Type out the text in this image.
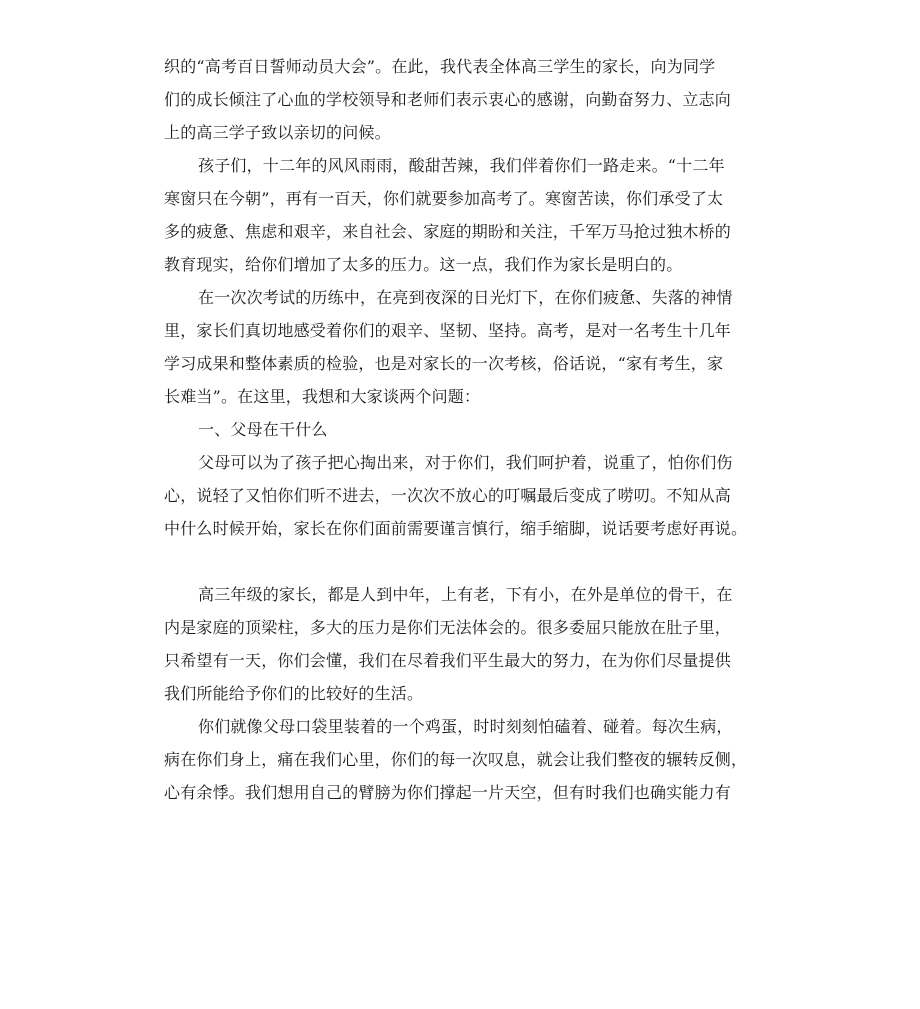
织的“高考百日誓师动员大会”。在此，我代表全体高三学生的家长，向为同学
们的成长倾注了心血的学校领导和老师们表示衷心的感谢，向勤奋努力、立志向
上的高三学子致以亲切的问候。
孩子们，十二年的风风雨雨，酸甜苦辣，我们伴着你们一路走来。“十二年
寒窗只在今朝”，再有一百天，你们就要参加高考了。寒窗苦读，你们承受了太
多的疲惫、焦虑和艰辛，来自社会、家庭的期盼和关注，千军万马抢过独木桥的
教育现实，给你们增加了太多的压力。这一点，我们作为家长是明白的。
在一次次考试的历练中，在亮到夜深的日光灯下，在你们疲惫、失落的神情
里，家长们真切地感受着你们的艰辛、坚韧、坚持。高考，是对一名考生十几年
学习成果和整体素质的检验，也是对家长的一次考核，俗话说，“家有考生，家
长难当”。在这里，我想和大家谈两个问题：
一、父母在干什么
父母可以为了孩子把心掏出来，对于你们，我们呵护着，说重了，怕你们伤
心，说轻了又怕你们听不进去，一次次不放心的叮嘱最后变成了唠叨。不知从高
中什么时候开始，家长在你们面前需要谨言慎行，缩手缩脚，说话要考虑好再说。
高三年级的家长，都是人到中年，上有老，下有小，在外是单位的骨干，在
内是家庭的顶梁柱，多大的压力是你们无法体会的。很多委屈只能放在肚子里，
只希望有一天，你们会懂，我们在尽着我们平生最大的努力，在为你们尽量提供
我们所能给予你们的比较好的生活。
你们就像父母口袋里装着的一个鸡蛋，时时刻刻怕磕着、碰着。每次生病，
病在你们身上，痛在我们心里，你们的每一次叹息，就会让我们整夜的辗转反侧，
心有余悸。我们想用自己的臂膀为你们撑起一片天空，但有时我们也确实能力有
